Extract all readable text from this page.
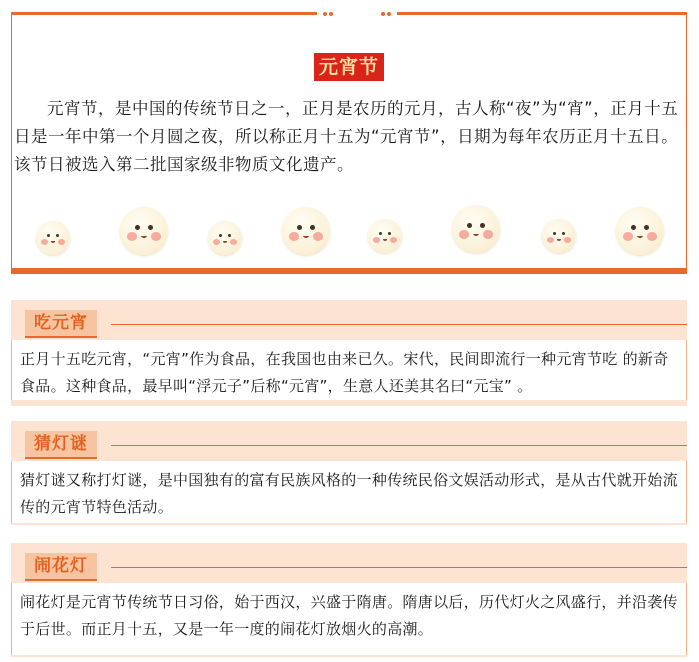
元宵节
元宵节，是中国的传统节日之一，正月是农历的元月，古人称“夜”为“宵”，正月十五日是一年中第一个月圆之夜，所以称正月十五为“元宵节”，日期为每年农历正月十五日。该节日被选入第二批国家级非物质文化遗产。
吃元宵
正月十五吃元宵，“元宵”作为食品，在我国也由来已久。宋代，民间即流行一种元宵节吃 的新奇食品。这种食品，最早叫“浮元子”后称“元宵”，生意人还美其名曰“元宝” 。
猜灯谜
猜灯谜又称打灯谜，是中国独有的富有民族风格的一种传统民俗文娱活动形式，是从古代就开始流传的元宵节特色活动。
闹花灯
闹花灯是元宵节传统节日习俗，始于西汉，兴盛于隋唐。隋唐以后，历代灯火之风盛行，并沿袭传于后世。而正月十五，又是一年一度的闹花灯放烟火的高潮。
